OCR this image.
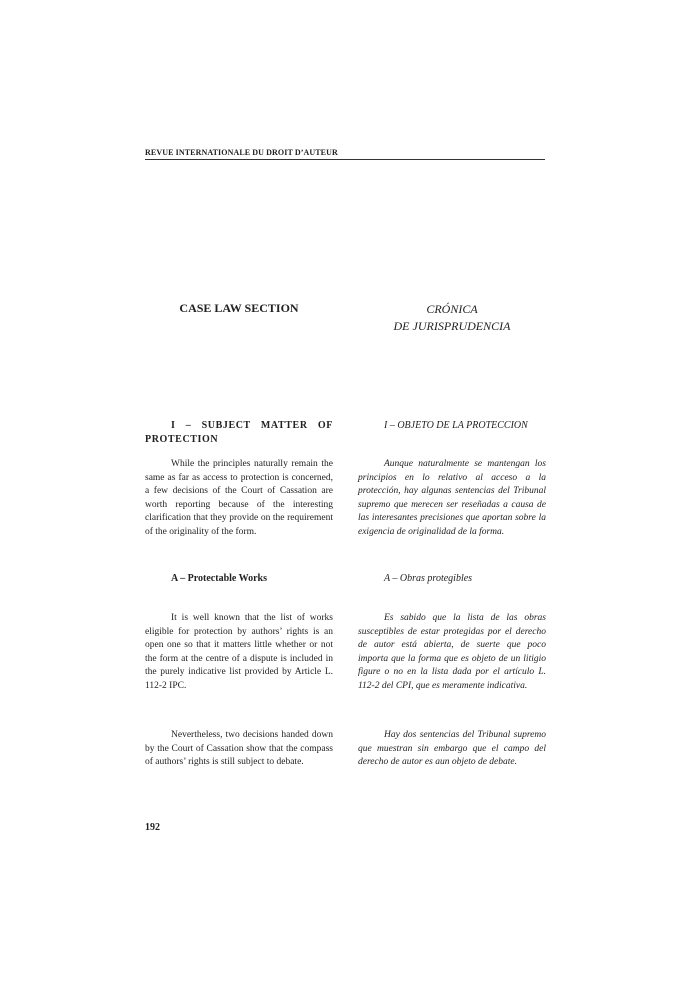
REVUE INTERNATIONALE DU DROIT D’AUTEUR
CASE LAW SECTION	CRÓNICA
DE JURISPRUDENCIA

I – SUBJECT MATTER OF PROTECTION

While the principles naturally remain the same as far as access to protection is concerned, a few decisions of the Court of Cassation are worth reporting because of the interesting clarification that they provide on the requirement of the originality of the form.

A – Protectable Works

It is well known that the list of works eligible for protection by authors’ rights is an open one so that it matters little whether or not the form at the centre of a dispute is included in the purely indicative list provided by Article L. 112-2 IPC.

Nevertheless, two decisions handed down by the Court of Cassation show that the compass of authors’ rights is still subject to debate.

I – OBJETO DE LA PROTECCION

Aunque naturalmente se mantengan los principios en lo relativo al acceso a la protección, hay algunas sentencias del Tribunal supremo que merecen ser reseñadas a causa de las interesantes precisiones que aportan sobre la exigencia de originalidad de la forma.

A – Obras protegibles

Es sabido que la lista de las obras susceptibles de estar protegidas por el derecho de autor está abierta, de suerte que poco importa que la forma que es objeto de un litigio figure o no en la lista dada por el artículo L. 112-2 del CPI, que es meramente indicativa.

Hay dos sentencias del Tribunal supremo que muestran sin embargo que el campo del derecho de autor es aun objeto de debate.

192
